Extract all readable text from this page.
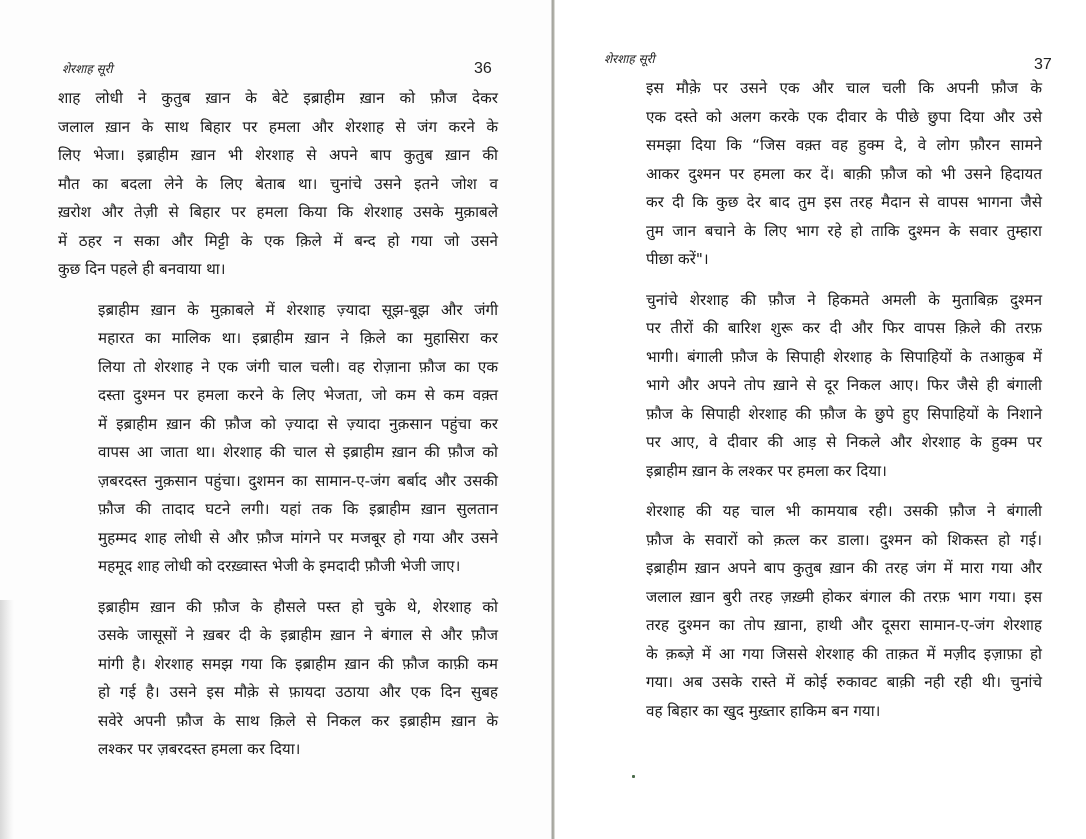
शेरशाह सूरी	36
शाह लोधी ने कुतुब ख़ान के बेटे इब्राहीम ख़ान को फ़ौज देकर
जलाल ख़ान के साथ बिहार पर हमला और शेरशाह से जंग करने के
लिए भेजा। इब्राहीम ख़ान भी शेरशाह से अपने बाप कुतुब ख़ान की
मौत का बदला लेने के लिए बेताब था। चुनांचे उसने इतने जोश व
ख़रोश और तेज़ी से बिहार पर हमला किया कि शेरशाह उसके मुक़ाबले
में ठहर न सका और मिट्टी के एक क़िले में बन्द हो गया जो उसने
कुछ दिन पहले ही बनवाया था।
इब्राहीम ख़ान के मुक़ाबले में शेरशाह ज़्यादा सूझ-बूझ और जंगी
महारत का मालिक था। इब्राहीम ख़ान ने क़िले का मुहासिरा कर
लिया तो शेरशाह ने एक जंगी चाल चली। वह रोज़ाना फ़ौज का एक
दस्ता दुश्मन पर हमला करने के लिए भेजता, जो कम से कम वक़्त
में इब्राहीम ख़ान की फ़ौज को ज़्यादा से ज़्यादा नुक़सान पहुंचा कर
वापस आ जाता था। शेरशाह की चाल से इब्राहीम ख़ान की फ़ौज को
ज़बरदस्त नुक़सान पहुंचा। दुशमन का सामान-ए-जंग बर्बाद और उसकी
फ़ौज की तादाद घटने लगी। यहां तक कि इब्राहीम ख़ान सुलतान
मुहम्मद शाह लोधी से और फ़ौज मांगने पर मजबूर हो गया और उसने
महमूद शाह लोधी को दरख़्वास्त भेजी के इमदादी फ़ौजी भेजी जाए।
इब्राहीम ख़ान की फ़ौज के हौसले पस्त हो चुके थे, शेरशाह को
उसके जासूसों ने ख़बर दी के इब्राहीम ख़ान ने बंगाल से और फ़ौज
मांगी है। शेरशाह समझ गया कि इब्राहीम ख़ान की फ़ौज काफ़ी कम
हो गई है। उसने इस मौक़े से फ़ायदा उठाया और एक दिन सुबह
सवेरे अपनी फ़ौज के साथ क़िले से निकल कर इब्राहीम ख़ान के
लश्कर पर ज़बरदस्त हमला कर दिया।
शेरशाह सूरी	37
इस मौक़े पर उसने एक और चाल चली कि अपनी फ़ौज के
एक दस्ते को अलग करके एक दीवार के पीछे छुपा दिया और उसे
समझा दिया कि “जिस वक़्त वह हुक्म दे, वे लोग फ़ौरन सामने
आकर दुश्मन पर हमला कर दें। बाक़ी फ़ौज को भी उसने हिदायत
कर दी कि कुछ देर बाद तुम इस तरह मैदान से वापस भागना जैसे
तुम जान बचाने के लिए भाग रहे हो ताकि दुश्मन के सवार तुम्हारा
पीछा करें"।
चुनांचे शेरशाह की फ़ौज ने हिकमते अमली के मुताबिक़ दुश्मन
पर तीरों की बारिश शुरू कर दी और फिर वापस क़िले की तरफ़
भागी। बंगाली फ़ौज के सिपाही शेरशाह के सिपाहियों के तआक़ुब में
भागे और अपने तोप ख़ाने से दूर निकल आए। फिर जैसे ही बंगाली
फ़ौज के सिपाही शेरशाह की फ़ौज के छुपे हुए सिपाहियों के निशाने
पर आए, वे दीवार की आड़ से निकले और शेरशाह के हुक्म पर
इब्राहीम ख़ान के लश्कर पर हमला कर दिया।
शेरशाह की यह चाल भी कामयाब रही। उसकी फ़ौज ने बंगाली
फ़ौज के सवारों को क़त्ल कर डाला। दुश्मन को शिकस्त हो गई।
इब्राहीम ख़ान अपने बाप कुतुब ख़ान की तरह जंग में मारा गया और
जलाल ख़ान बुरी तरह ज़ख़्मी होकर बंगाल की तरफ़ भाग गया। इस
तरह दुश्मन का तोप ख़ाना, हाथी और दूसरा सामान-ए-जंग शेरशाह
के क़ब्ज़े में आ गया जिससे शेरशाह की ताक़त में मज़ीद इज़ाफ़ा हो
गया। अब उसके रास्ते में कोई रुकावट बाक़ी नही रही थी। चुनांचे
वह बिहार का खुद मुख़्तार हाकिम बन गया।
